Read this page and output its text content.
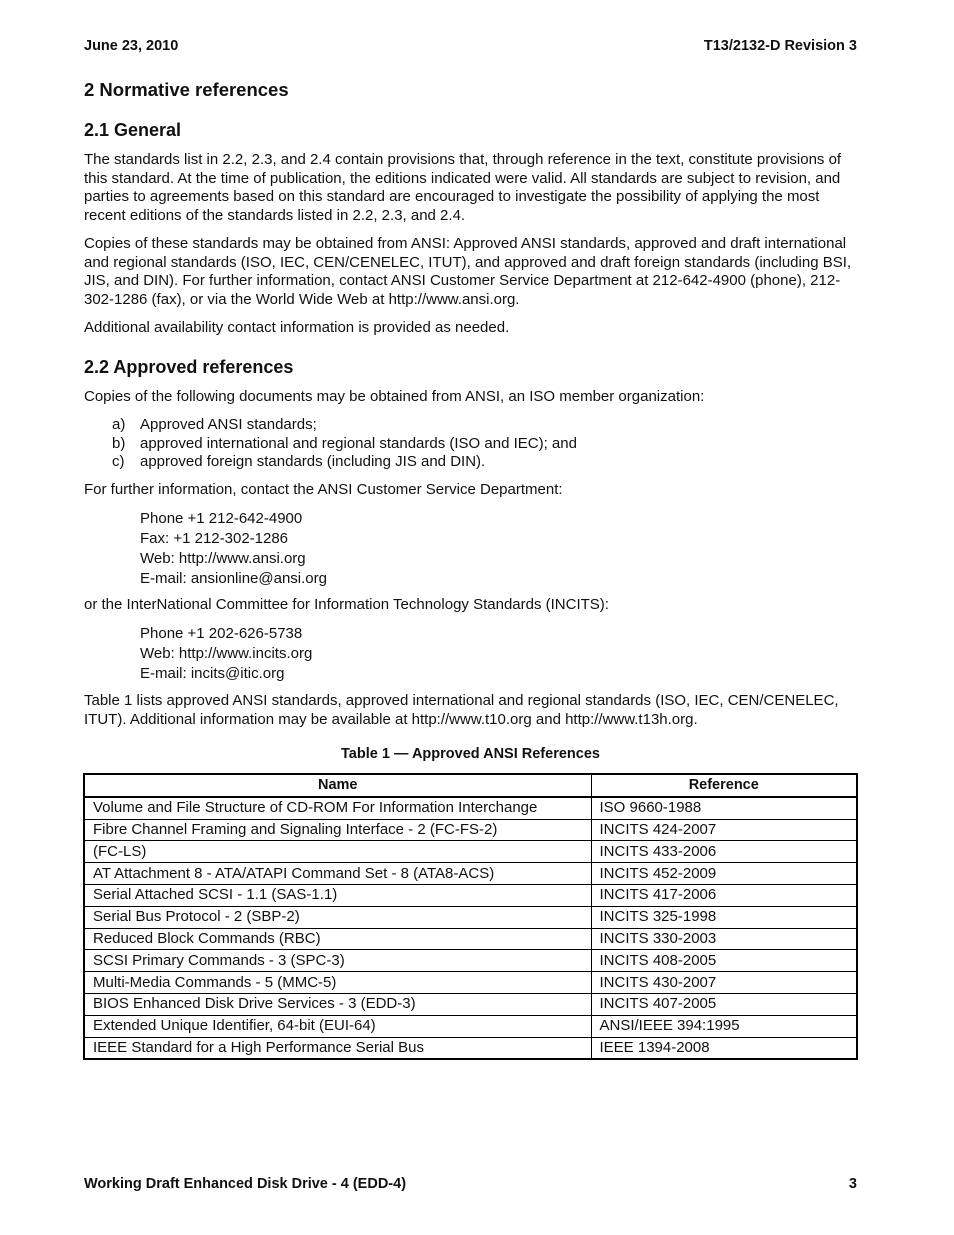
June 23, 2010	T13/2132-D Revision 3
2 Normative references
2.1 General
The standards list in 2.2, 2.3, and 2.4 contain provisions that, through reference in the text, constitute provisions of this standard. At the time of publication, the editions indicated were valid. All standards are subject to revision, and parties to agreements based on this standard are encouraged to investigate the possibility of applying the most recent editions of the standards listed in 2.2, 2.3, and 2.4.
Copies of these standards may be obtained from ANSI: Approved ANSI standards, approved and draft international and regional standards (ISO, IEC, CEN/CENELEC, ITUT), and approved and draft foreign standards (including BSI, JIS, and DIN). For further information, contact ANSI Customer Service Department at 212-642-4900 (phone), 212-302-1286 (fax), or via the World Wide Web at http://www.ansi.org.
Additional availability contact information is provided as needed.
2.2 Approved references
Copies of the following documents may be obtained from ANSI, an ISO member organization:
a) Approved ANSI standards;
b) approved international and regional standards (ISO and IEC); and
c)	approved foreign standards (including JIS and DIN).
For further information, contact the ANSI Customer Service Department:
Phone +1 212-642-4900
Fax: +1 212-302-1286
Web: http://www.ansi.org
E-mail: ansionline@ansi.org
or the InterNational Committee for Information Technology Standards (INCITS):
Phone +1 202-626-5738
Web: http://www.incits.org
E-mail: incits@itic.org
Table 1 lists approved ANSI standards, approved international and regional standards (ISO, IEC, CEN/CENELEC, ITUT). Additional information may be available at http://www.t10.org and http://www.t13h.org.
Table 1 — Approved ANSI References
Name	Reference
Volume and File Structure of CD-ROM For Information Interchange	ISO 9660-1988
Fibre Channel Framing and Signaling Interface - 2 (FC-FS-2)	INCITS 424-2007
(FC-LS)	INCITS 433-2006
AT Attachment 8 - ATA/ATAPI Command Set - 8 (ATA8-ACS)	INCITS 452-2009
Serial Attached SCSI - 1.1 (SAS-1.1)	INCITS 417-2006
Serial Bus Protocol - 2 (SBP-2)	INCITS 325-1998
Reduced Block Commands (RBC)	INCITS 330-2003
SCSI Primary Commands - 3 (SPC-3)	INCITS 408-2005
Multi-Media Commands - 5 (MMC-5)	INCITS 430-2007
BIOS Enhanced Disk Drive Services - 3 (EDD-3)	INCITS 407-2005
Extended Unique Identifier, 64-bit (EUI-64)	ANSI/IEEE 394:1995
IEEE Standard for a High Performance Serial Bus	IEEE 1394-2008
Working Draft Enhanced Disk Drive - 4 (EDD-4)	3
